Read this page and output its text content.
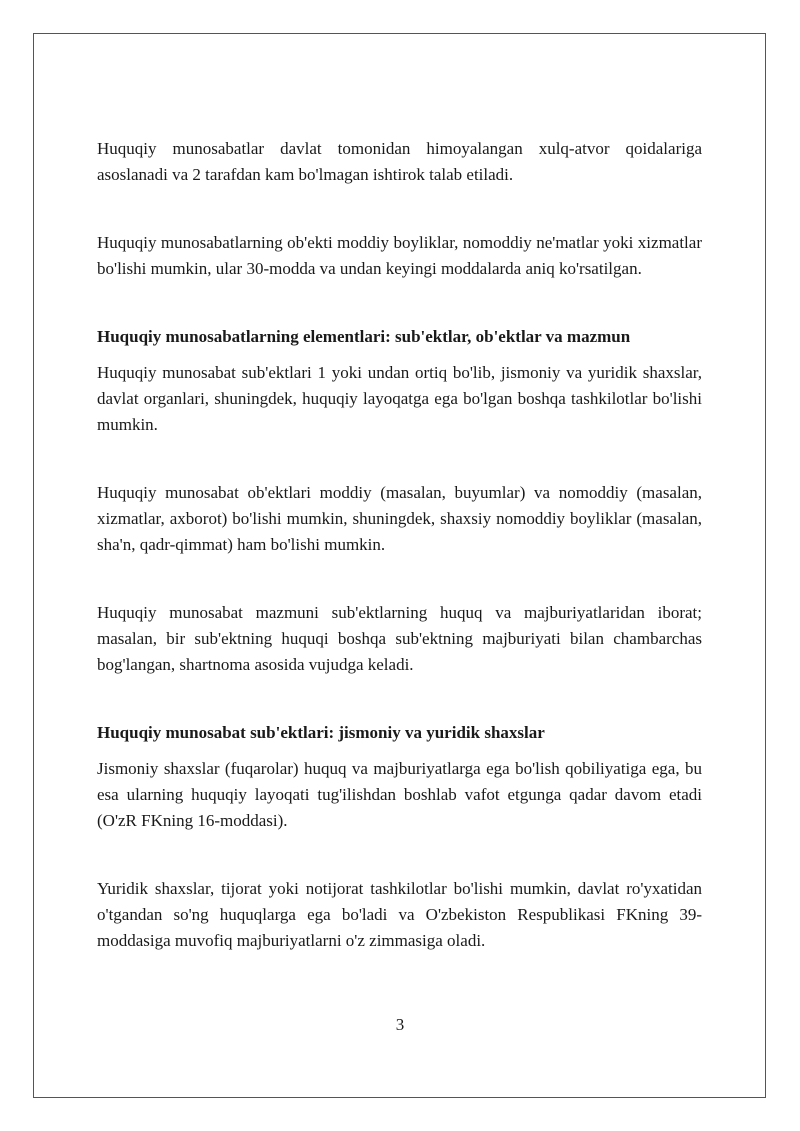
Huquqiy munosabatlar davlat tomonidan himoyalangan xulq-atvor qoidalariga asoslanadi va 2 tarafdan kam bo'lmagan ishtirok talab etiladi.

Huquqiy munosabatlarning ob'ekti moddiy boyliklar, nomoddiy ne'matlar yoki xizmatlar bo'lishi mumkin, ular 30-modda va undan keyingi moddalarda aniq ko'rsatilgan.

Huquqiy munosabatlarning elementlari: sub'ektlar, ob'ektlar va mazmun

Huquqiy munosabat sub'ektlari 1 yoki undan ortiq bo'lib, jismoniy va yuridik shaxslar, davlat organlari, shuningdek, huquqiy layoqatga ega bo'lgan boshqa tashkilotlar bo'lishi mumkin.

Huquqiy munosabat ob'ektlari moddiy (masalan, buyumlar) va nomoddiy (masalan, xizmatlar, axborot) bo'lishi mumkin, shuningdek, shaxsiy nomoddiy boyliklar (masalan, sha'n, qadr-qimmat) ham bo'lishi mumkin.

Huquqiy munosabat mazmuni sub'ektlarning huquq va majburiyatlaridan iborat; masalan, bir sub'ektning huquqi boshqa sub'ektning majburiyati bilan chambarchas bog'langan, shartnoma asosida vujudga keladi.

Huquqiy munosabat sub'ektlari: jismoniy va yuridik shaxslar

Jismoniy shaxslar (fuqarolar) huquq va majburiyatlarga ega bo'lish qobiliyatiga ega, bu esa ularning huquqiy layoqati tug'ilishdan boshlab vafot etgunga qadar davom etadi (O'zR FKning 16-moddasi).

Yuridik shaxslar, tijorat yoki notijorat tashkilotlar bo'lishi mumkin, davlat ro'yxatidan o'tgandan so'ng huquqlarga ega bo'ladi va O'zbekiston Respublikasi FKning 39-moddasiga muvofiq majburiyatlarni o'z zimmasiga oladi.

3
